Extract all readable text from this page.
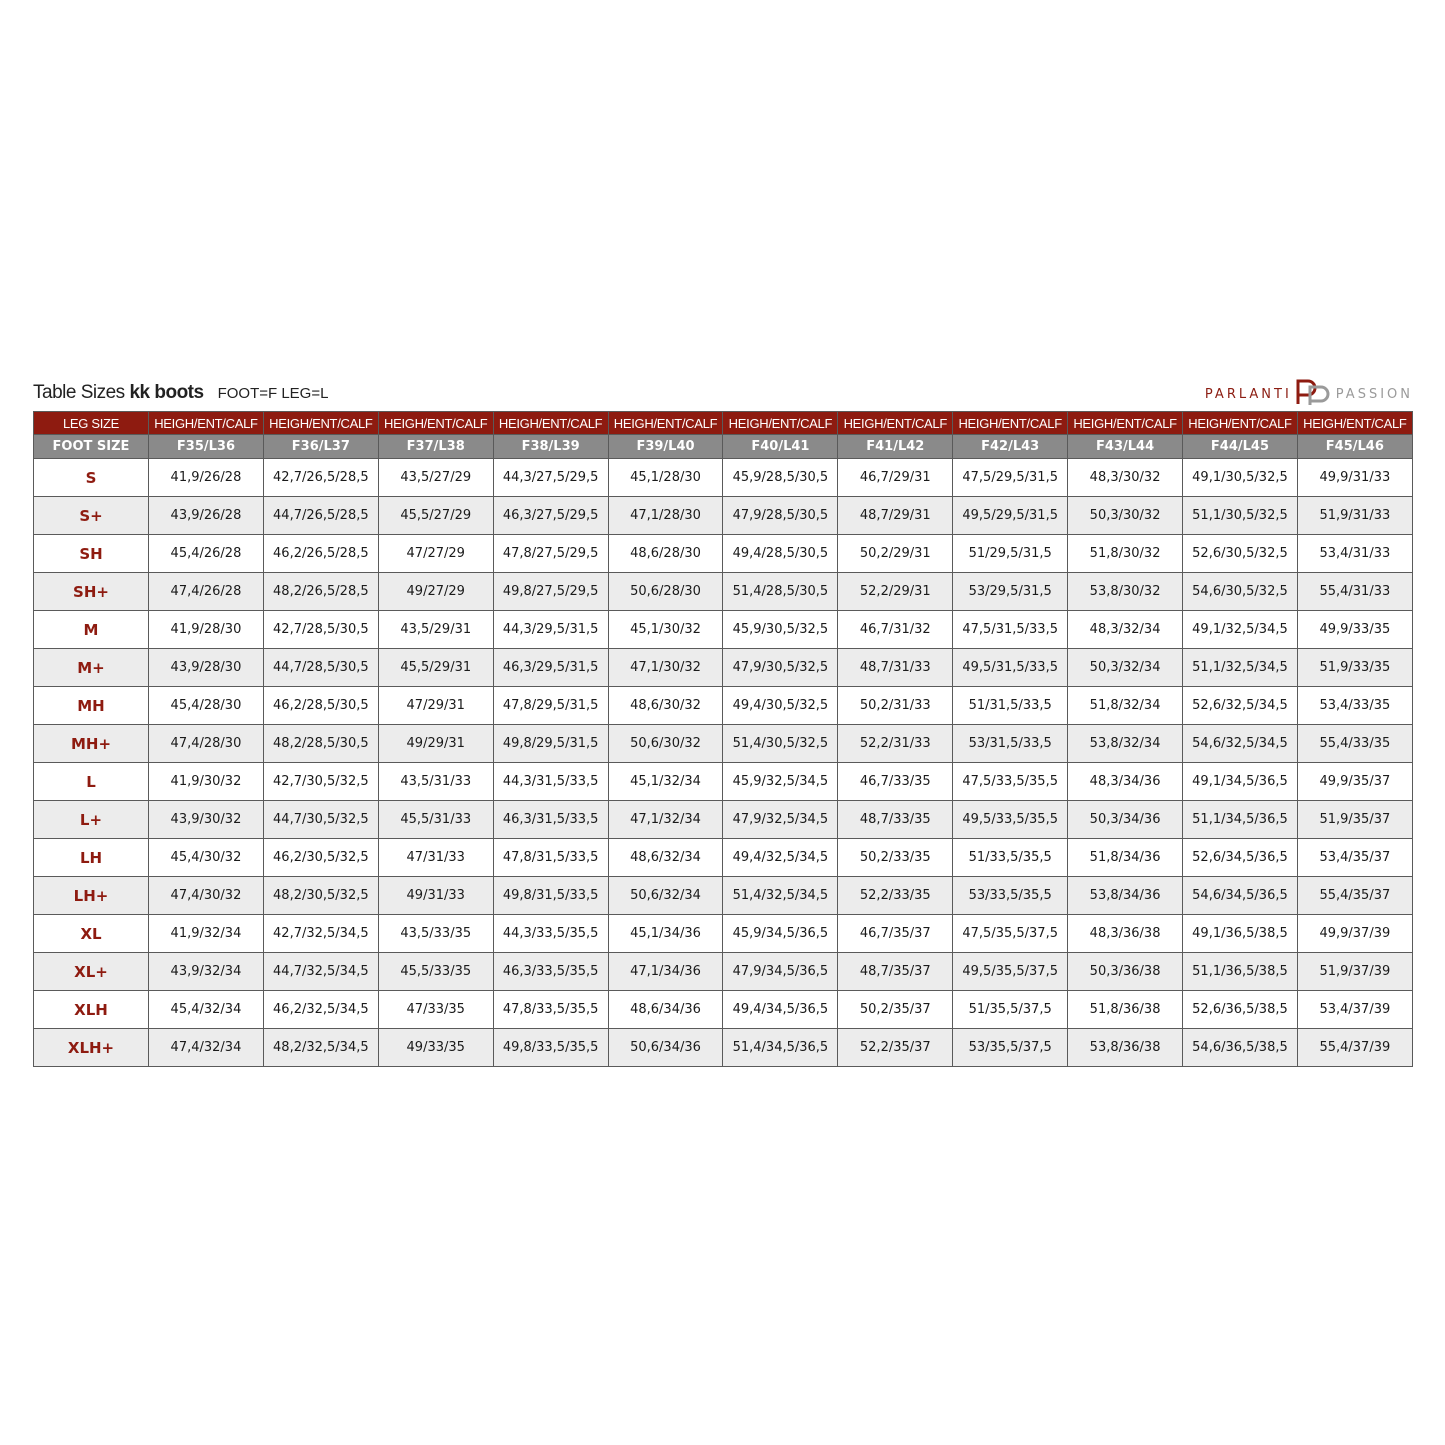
Table Sizes kk boots FOOT=F LEG=L	PARLANTI	PASSION
LEG SIZE	HEIGH/ENT/CALF	HEIGH/ENT/CALF	HEIGH/ENT/CALF	HEIGH/ENT/CALF	HEIGH/ENT/CALF	HEIGH/ENT/CALF	HEIGH/ENT/CALF	HEIGH/ENT/CALF	HEIGH/ENT/CALF	HEIGH/ENT/CALF	HEIGH/ENT/CALF
FOOT SIZE	F35/L36	F36/L37	F37/L38	F38/L39	F39/L40	F40/L41	F41/L42	F42/L43	F43/L44	F44/L45	F45/L46
S	41,9/26/28	42,7/26,5/28,5	43,5/27/29	44,3/27,5/29,5	45,1/28/30	45,9/28,5/30,5	46,7/29/31	47,5/29,5/31,5	48,3/30/32	49,1/30,5/32,5	49,9/31/33
S+	43,9/26/28	44,7/26,5/28,5	45,5/27/29	46,3/27,5/29,5	47,1/28/30	47,9/28,5/30,5	48,7/29/31	49,5/29,5/31,5	50,3/30/32	51,1/30,5/32,5	51,9/31/33
SH	45,4/26/28	46,2/26,5/28,5	47/27/29	47,8/27,5/29,5	48,6/28/30	49,4/28,5/30,5	50,2/29/31	51/29,5/31,5	51,8/30/32	52,6/30,5/32,5	53,4/31/33
SH+	47,4/26/28	48,2/26,5/28,5	49/27/29	49,8/27,5/29,5	50,6/28/30	51,4/28,5/30,5	52,2/29/31	53/29,5/31,5	53,8/30/32	54,6/30,5/32,5	55,4/31/33
M	41,9/28/30	42,7/28,5/30,5	43,5/29/31	44,3/29,5/31,5	45,1/30/32	45,9/30,5/32,5	46,7/31/32	47,5/31,5/33,5	48,3/32/34	49,1/32,5/34,5	49,9/33/35
M+	43,9/28/30	44,7/28,5/30,5	45,5/29/31	46,3/29,5/31,5	47,1/30/32	47,9/30,5/32,5	48,7/31/33	49,5/31,5/33,5	50,3/32/34	51,1/32,5/34,5	51,9/33/35
MH	45,4/28/30	46,2/28,5/30,5	47/29/31	47,8/29,5/31,5	48,6/30/32	49,4/30,5/32,5	50,2/31/33	51/31,5/33,5	51,8/32/34	52,6/32,5/34,5	53,4/33/35
MH+	47,4/28/30	48,2/28,5/30,5	49/29/31	49,8/29,5/31,5	50,6/30/32	51,4/30,5/32,5	52,2/31/33	53/31,5/33,5	53,8/32/34	54,6/32,5/34,5	55,4/33/35
L	41,9/30/32	42,7/30,5/32,5	43,5/31/33	44,3/31,5/33,5	45,1/32/34	45,9/32,5/34,5	46,7/33/35	47,5/33,5/35,5	48,3/34/36	49,1/34,5/36,5	49,9/35/37
L+	43,9/30/32	44,7/30,5/32,5	45,5/31/33	46,3/31,5/33,5	47,1/32/34	47,9/32,5/34,5	48,7/33/35	49,5/33,5/35,5	50,3/34/36	51,1/34,5/36,5	51,9/35/37
LH	45,4/30/32	46,2/30,5/32,5	47/31/33	47,8/31,5/33,5	48,6/32/34	49,4/32,5/34,5	50,2/33/35	51/33,5/35,5	51,8/34/36	52,6/34,5/36,5	53,4/35/37
LH+	47,4/30/32	48,2/30,5/32,5	49/31/33	49,8/31,5/33,5	50,6/32/34	51,4/32,5/34,5	52,2/33/35	53/33,5/35,5	53,8/34/36	54,6/34,5/36,5	55,4/35/37
XL	41,9/32/34	42,7/32,5/34,5	43,5/33/35	44,3/33,5/35,5	45,1/34/36	45,9/34,5/36,5	46,7/35/37	47,5/35,5/37,5	48,3/36/38	49,1/36,5/38,5	49,9/37/39
XL+	43,9/32/34	44,7/32,5/34,5	45,5/33/35	46,3/33,5/35,5	47,1/34/36	47,9/34,5/36,5	48,7/35/37	49,5/35,5/37,5	50,3/36/38	51,1/36,5/38,5	51,9/37/39
XLH	45,4/32/34	46,2/32,5/34,5	47/33/35	47,8/33,5/35,5	48,6/34/36	49,4/34,5/36,5	50,2/35/37	51/35,5/37,5	51,8/36/38	52,6/36,5/38,5	53,4/37/39
XLH+	47,4/32/34	48,2/32,5/34,5	49/33/35	49,8/33,5/35,5	50,6/34/36	51,4/34,5/36,5	52,2/35/37	53/35,5/37,5	53,8/36/38	54,6/36,5/38,5	55,4/37/39
